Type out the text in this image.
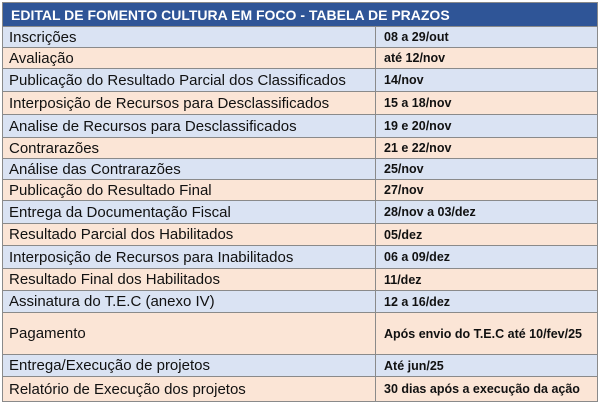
EDITAL DE FOMENTO CULTURA EM FOCO - TABELA DE PRAZOS
Inscrições	08 a 29/out
Avaliação	até 12/nov
Publicação do Resultado Parcial dos Classificados	14/nov
Interposição de Recursos para Desclassificados	15 a 18/nov
Analise de Recursos para Desclassificados	19 e 20/nov
Contrarazões	21 e 22/nov
Análise das Contrarazões	25/nov
Publicação do Resultado Final	27/nov
Entrega da Documentação Fiscal	28/nov a 03/dez
Resultado Parcial dos Habilitados	05/dez
Interposição de Recursos para Inabilitados	06 a 09/dez
Resultado Final dos Habilitados	11/dez
Assinatura do T.E.C (anexo IV)	12 a 16/dez
Pagamento	Após envio do T.E.C até 10/fev/25
Entrega/Execução de projetos	Até jun/25
Relatório de Execução dos projetos	30 dias após a execução da ação
